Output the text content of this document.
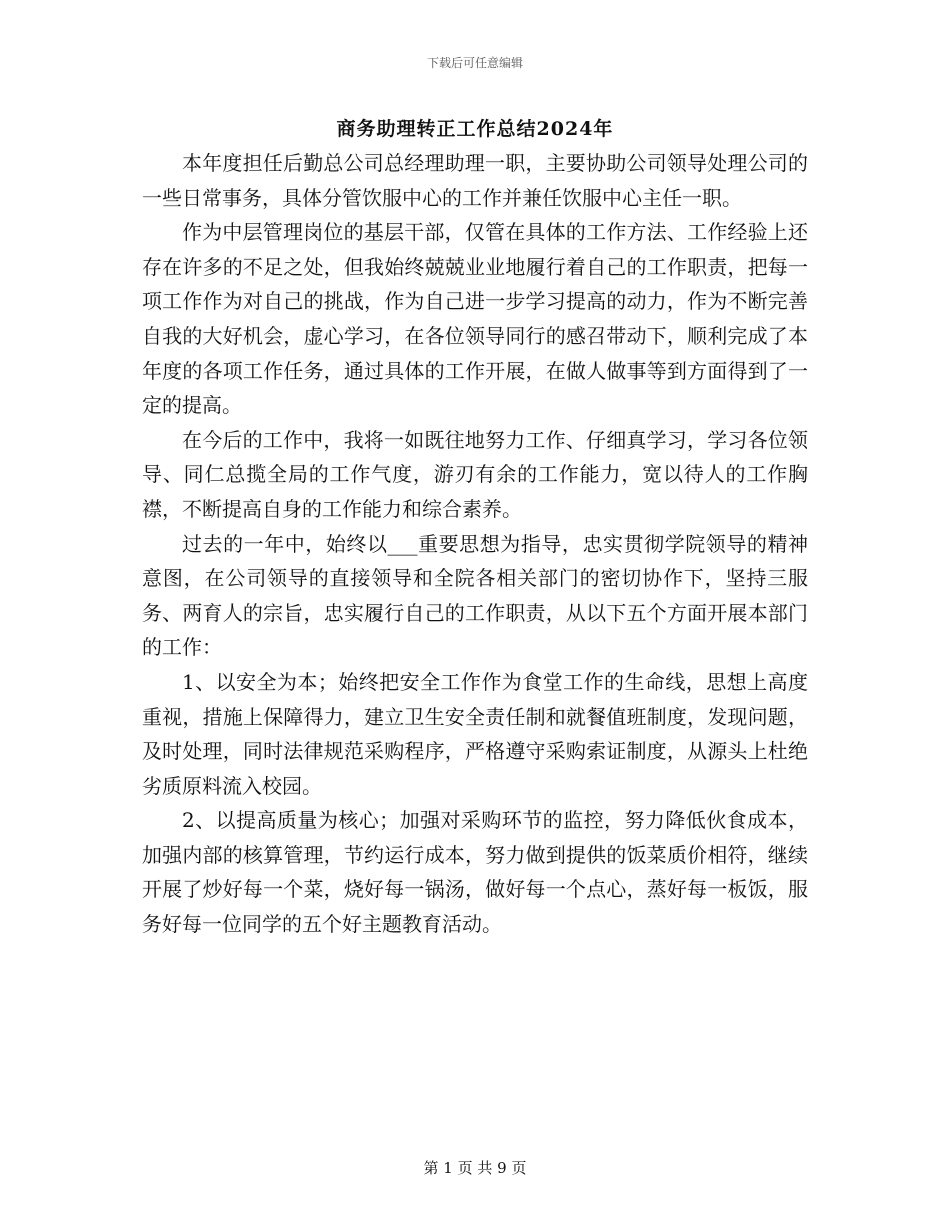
下载后可任意编辑
商务助理转正工作总结2024年

本年度担任后勤总公司总经理助理一职，主要协助公司领导处理公司的一些日常事务，具体分管饮服中心的工作并兼任饮服中心主任一职。

作为中层管理岗位的基层干部，仅管在具体的工作方法、工作经验上还存在许多的不足之处，但我始终兢兢业业地履行着自己的工作职责，把每一项工作作为对自己的挑战，作为自己进一步学习提高的动力，作为不断完善自我的大好机会，虚心学习，在各位领导同行的感召带动下，顺利完成了本年度的各项工作任务，通过具体的工作开展，在做人做事等到方面得到了一定的提高。

在今后的工作中，我将一如既往地努力工作、仔细真学习，学习各位领导、同仁总揽全局的工作气度，游刃有余的工作能力，宽以待人的工作胸襟，不断提高自身的工作能力和综合素养。

过去的一年中，始终以___重要思想为指导，忠实贯彻学院领导的精神意图，在公司领导的直接领导和全院各相关部门的密切协作下，坚持三服务、两育人的宗旨，忠实履行自己的工作职责，从以下五个方面开展本部门的工作：

1、以安全为本；始终把安全工作作为食堂工作的生命线，思想上高度重视，措施上保障得力，建立卫生安全责任制和就餐值班制度，发现问题，及时处理，同时法律规范采购程序，严格遵守采购索证制度，从源头上杜绝劣质原料流入校园。

2、以提高质量为核心；加强对采购环节的监控，努力降低伙食成本，加强内部的核算管理，节约运行成本，努力做到提供的饭菜质价相符，继续开展了炒好每一个菜，烧好每一锅汤，做好每一个点心，蒸好每一板饭，服务好每一位同学的五个好主题教育活动。

第 1 页 共 9 页
